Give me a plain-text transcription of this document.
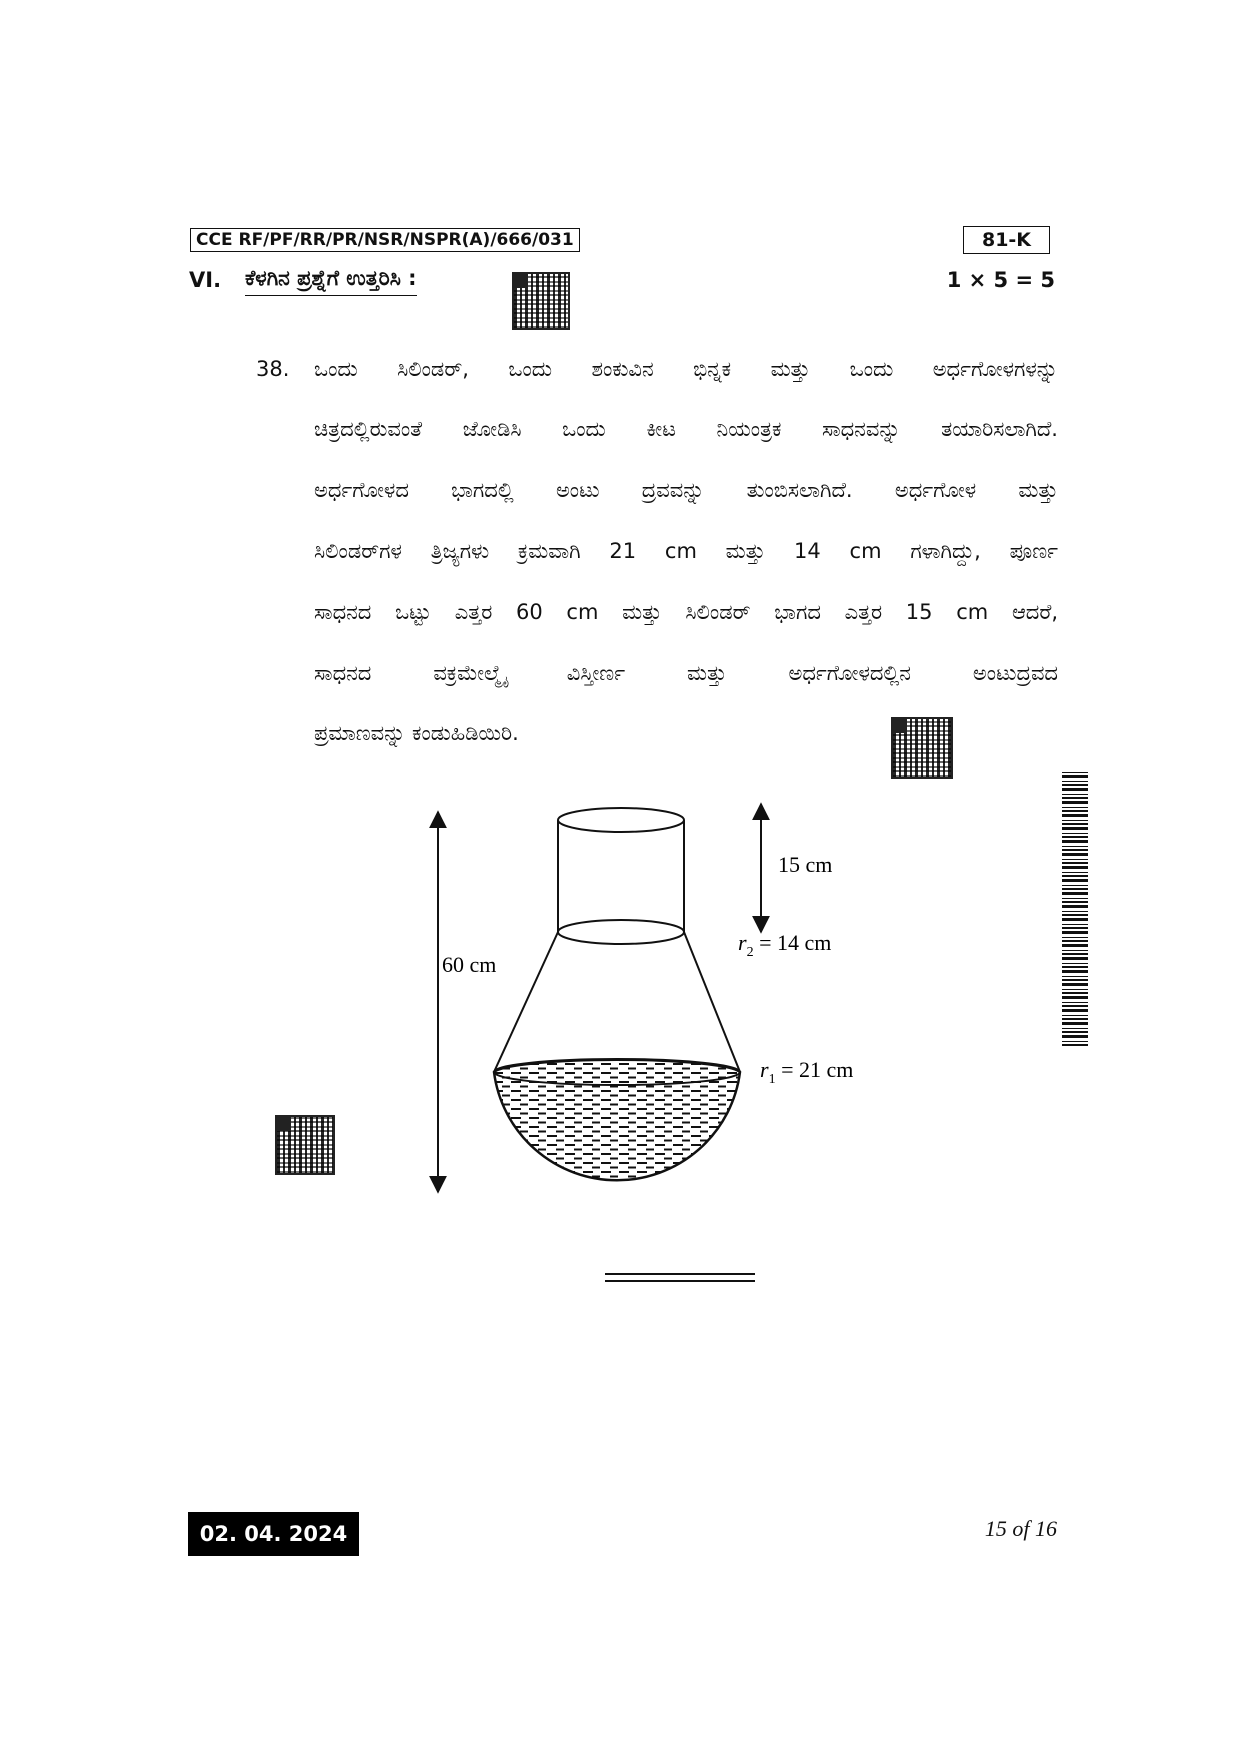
CCE RF/PF/RR/PR/NSR/NSPR(A)/666/031	81-K
VI. ಕೆಳಗಿನ ಪ್ರಶ್ನೆಗೆ ಉತ್ತರಿಸಿ :	1 × 5 = 5
38. ಒಂದು ಸಿಲಿಂಡರ್, ಒಂದು ಶಂಕುವಿನ ಭಿನ್ನಕ ಮತ್ತು ಒಂದು ಅರ್ಧಗೋಳಗಳನ್ನು
ಚಿತ್ರದಲ್ಲಿರುವಂತೆ ಜೋಡಿಸಿ ಒಂದು ಕೀಟ ನಿಯಂತ್ರಕ ಸಾಧನವನ್ನು ತಯಾರಿಸಲಾಗಿದೆ.
ಅರ್ಧಗೋಳದ ಭಾಗದಲ್ಲಿ ಅಂಟು ದ್ರವವನ್ನು ತುಂಬಿಸಲಾಗಿದೆ. ಅರ್ಧಗೋಳ ಮತ್ತು
ಸಿಲಿಂಡರ್‌ಗಳ ತ್ರಿಜ್ಯಗಳು ಕ್ರಮವಾಗಿ 21 cm ಮತ್ತು 14 cm ಗಳಾಗಿದ್ದು, ಪೂರ್ಣ
ಸಾಧನದ ಒಟ್ಟು ಎತ್ತರ 60 cm ಮತ್ತು ಸಿಲಿಂಡರ್ ಭಾಗದ ಎತ್ತರ 15 cm ಆದರೆ,
ಸಾಧನದ ವಕ್ರಮೇಲ್ಮೈ ವಿಸ್ತೀರ್ಣ ಮತ್ತು ಅರ್ಧಗೋಳದಲ್ಲಿನ ಅಂಟುದ್ರವದ
ಪ್ರಮಾಣವನ್ನು ಕಂಡುಹಿಡಿಯಿರಿ.
60 cm
15 cm
$r_2 = 14$ cm
$r_1 = 21$ cm
02. 04. 2024	15 of 16
